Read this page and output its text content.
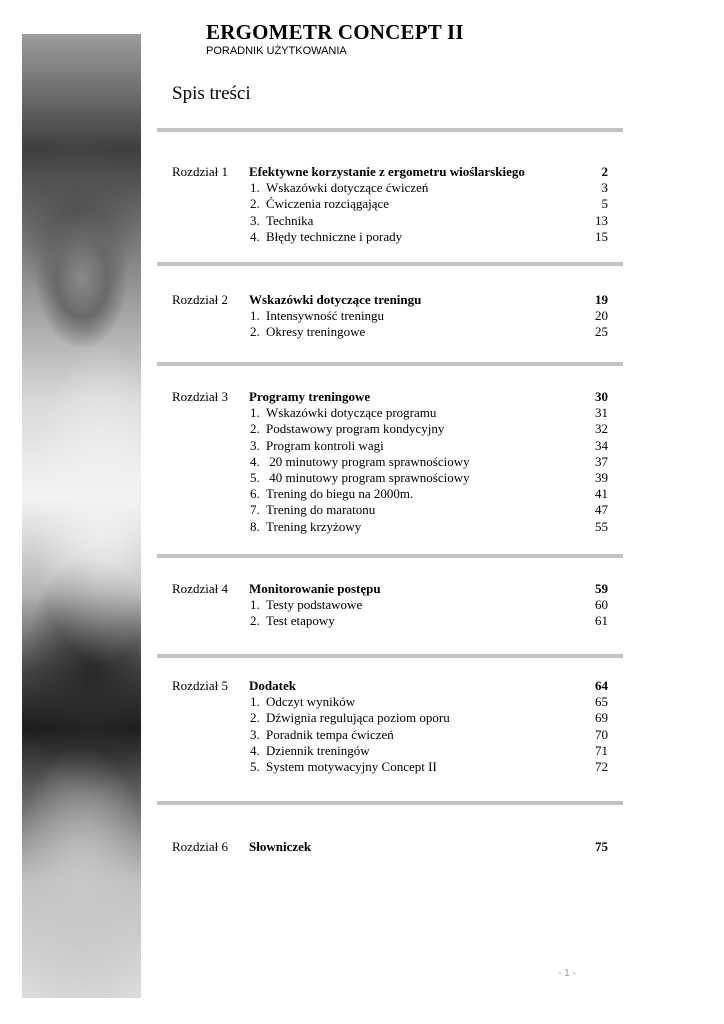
ERGOMETR CONCEPT II
PORADNIK UŻYTKOWANIA
Spis treści
Rozdział 1 Efektywne korzystanie z ergometru wioślarskiego	2
1. Wskazówki dotyczące ćwiczeń	3
2. Ćwiczenia rozciągające	5
3. Technika	13
4. Błędy techniczne i porady	15
Rozdział 2 Wskazówki dotyczące treningu	19
1. Intensywność treningu	20
2. Okresy treningowe	25
Rozdział 3 Programy treningowe	30
1. Wskazówki dotyczące programu	31
2. Podstawowy program kondycyjny	32
3. Program kontroli wagi	34
4. 20 minutowy program sprawnościowy	37
5. 40 minutowy program sprawnościowy	39
6. Trening do biegu na 2000m.	41
7. Trening do maratonu	47
8. Trening krzyżowy	55
Rozdział 4 Monitorowanie postępu	59
1. Testy podstawowe	60
2. Test etapowy	61
Rozdział 5 Dodatek	64
1. Odczyt wyników	65
2. Dźwignia regulująca poziom oporu	69
3. Poradnik tempa ćwiczeń	70
4. Dziennik treningów	71
5. System motywacyjny Concept II	72
Rozdział 6 Słowniczek	75
- 1 -
